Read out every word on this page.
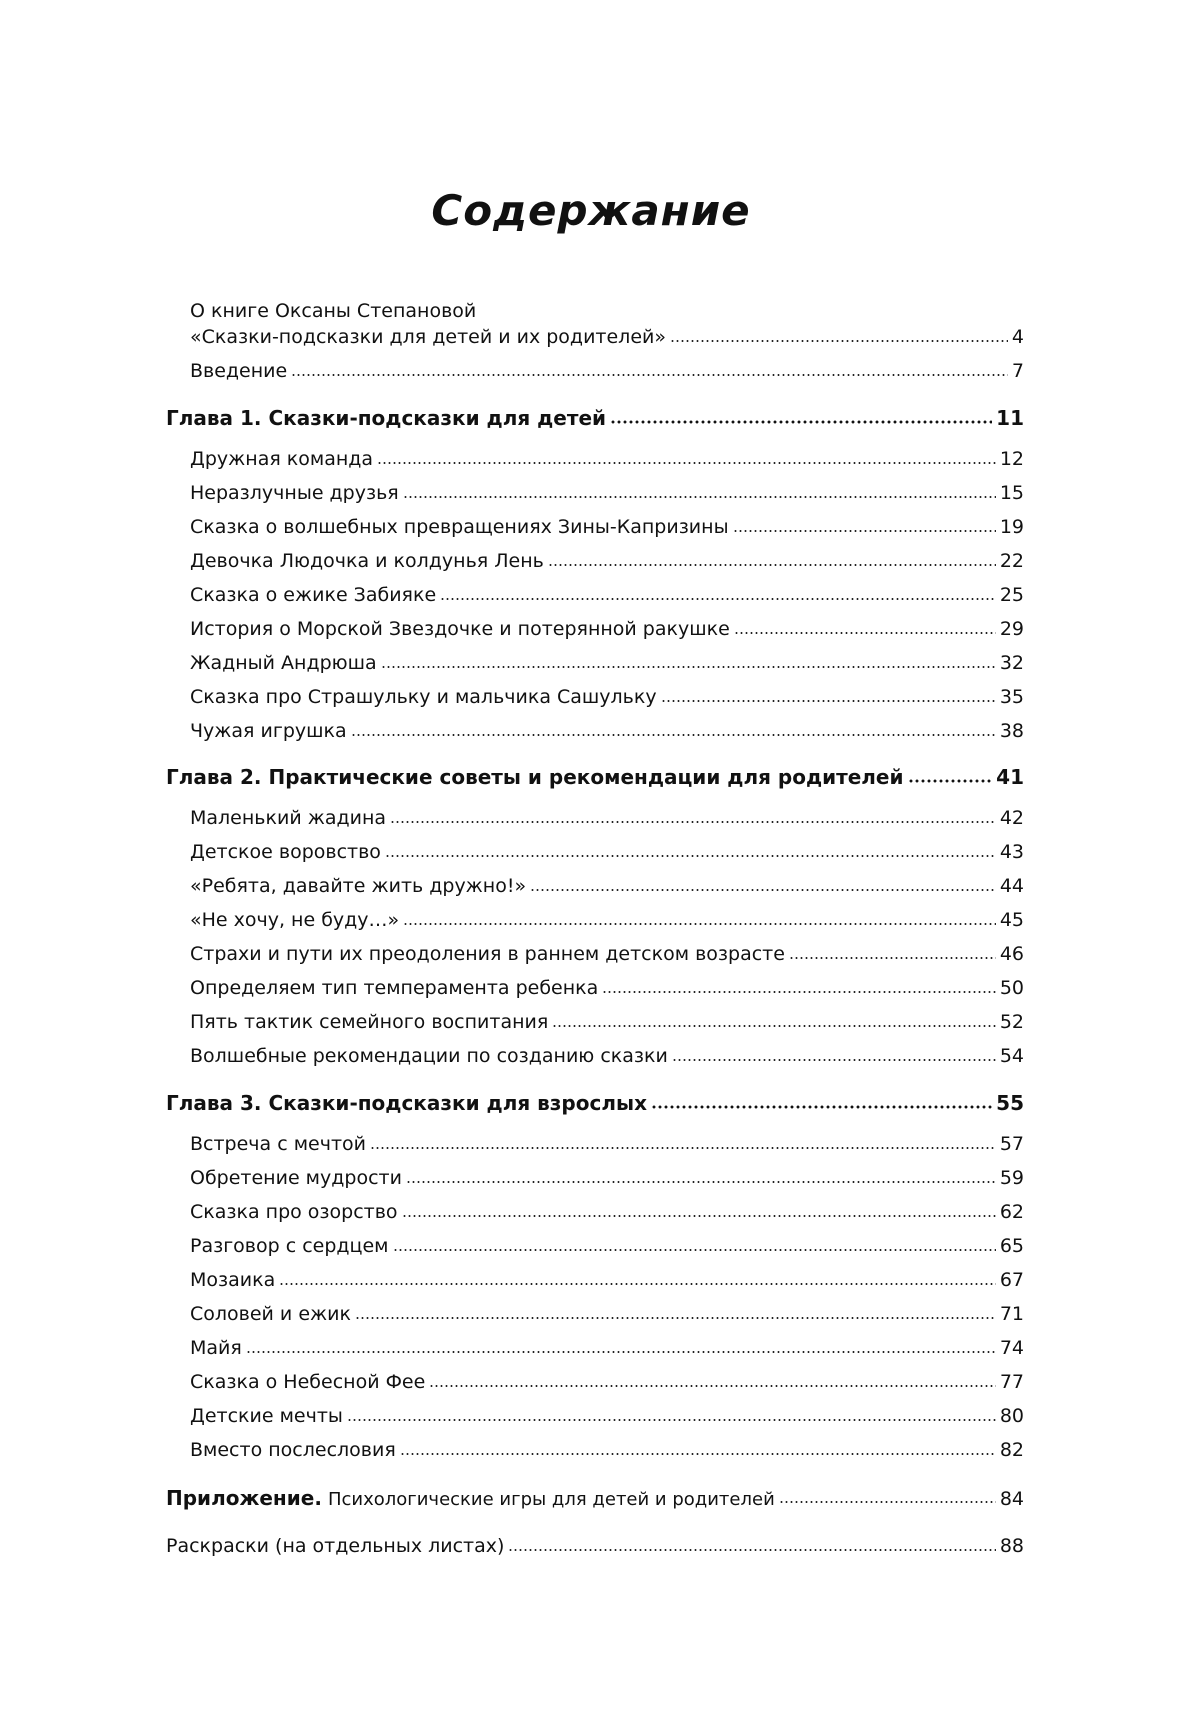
Содержание
О книге Оксаны Степановой
«Сказки-подсказки для детей и их родителей»	4
Введение	7
Глава 1. Сказки-подсказки для детей	11
Дружная команда	12
Неразлучные друзья	15
Сказка о волшебных превращениях Зины-Капризины	19
Девочка Людочка и колдунья Лень	22
Сказка о ежике Забияке	25
История о Морской Звездочке и потерянной ракушке	29
Жадный Андрюша	32
Сказка про Страшульку и мальчика Сашульку	35
Чужая игрушка	38
Глава 2. Практические советы и рекомендации для родителей	41
Маленький жадина	42
Детское воровство	43
«Ребята, давайте жить дружно!»	44
«Не хочу, не буду…»	45
Страхи и пути их преодоления в раннем детском возрасте	46
Определяем тип темперамента ребенка	50
Пять тактик семейного воспитания	52
Волшебные рекомендации по созданию сказки	54
Глава 3. Сказки-подсказки для взрослых	55
Встреча с мечтой	57
Обретение мудрости	59
Сказка про озорство	62
Разговор с сердцем	65
Мозаика	67
Соловей и ежик	71
Майя	74
Сказка о Небесной Фее	77
Детские мечты	80
Вместо послесловия	82
Приложение. Психологические игры для детей и родителей	84
Раскраски (на отдельных листах)	88
